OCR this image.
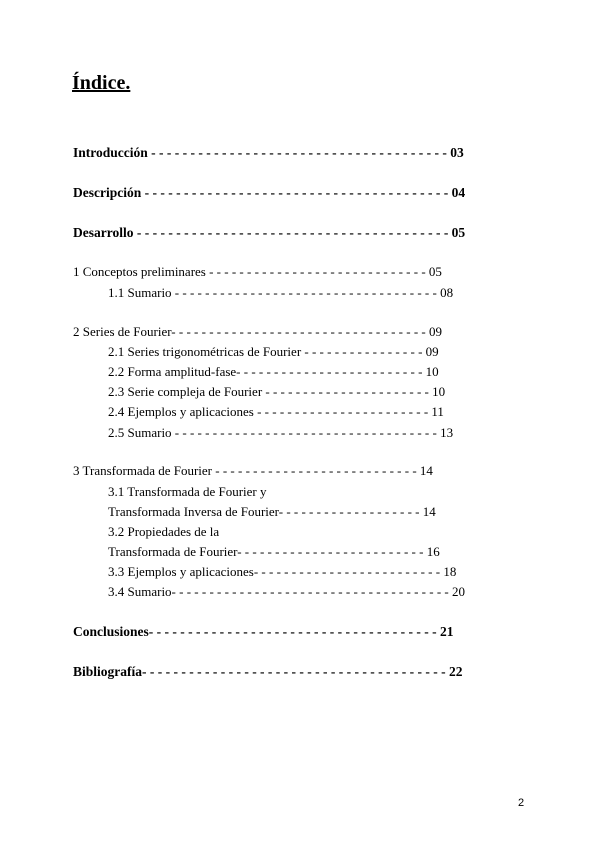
Índice.
Introducción - - - - - - - - - - - - - - - - - - - - - - - - - - - - - - - - - - - - - - 03
Descripción - - - - - - - - - - - - - - - - - - - - - - - - - - - - - - - - - - - - - - - 04
Desarrollo - - - - - - - - - - - - - - - - - - - - - - - - - - - - - - - - - - - - - - - - 05
1 Conceptos preliminares - - - - - - - - - - - - - - - - - - - - - - - - - - - - - 05
1.1 Sumario - - - - - - - - - - - - - - - - - - - - - - - - - - - - - - - - - - - 08
2 Series de Fourier- - - - - - - - - - - - - - - - - - - - - - - - - - - - - - - - - - 09
2.1 Series trigonométricas de Fourier - - - - - - - - - - - - - - - - 09
2.2 Forma amplitud-fase- - - - - - - - - - - - - - - - - - - - - - - - - 10
2.3 Serie compleja de Fourier - - - - - - - - - - - - - - - - - - - - - - 10
2.4 Ejemplos y aplicaciones - - - - - - - - - - - - - - - - - - - - - - - 11
2.5 Sumario - - - - - - - - - - - - - - - - - - - - - - - - - - - - - - - - - - - 13
3 Transformada de Fourier - - - - - - - - - - - - - - - - - - - - - - - - - - - 14
3.1 Transformada de Fourier y
Transformada Inversa de Fourier- - - - - - - - - - - - - - - - - - - 14
3.2 Propiedades de la
Transformada de Fourier- - - - - - - - - - - - - - - - - - - - - - - - - 16
3.3 Ejemplos y aplicaciones- - - - - - - - - - - - - - - - - - - - - - - - - 18
3.4 Sumario- - - - - - - - - - - - - - - - - - - - - - - - - - - - - - - - - - - - - 20
Conclusiones- - - - - - - - - - - - - - - - - - - - - - - - - - - - - - - - - - - - - 21
Bibliografía- - - - - - - - - - - - - - - - - - - - - - - - - - - - - - - - - - - - - - - 22
2
